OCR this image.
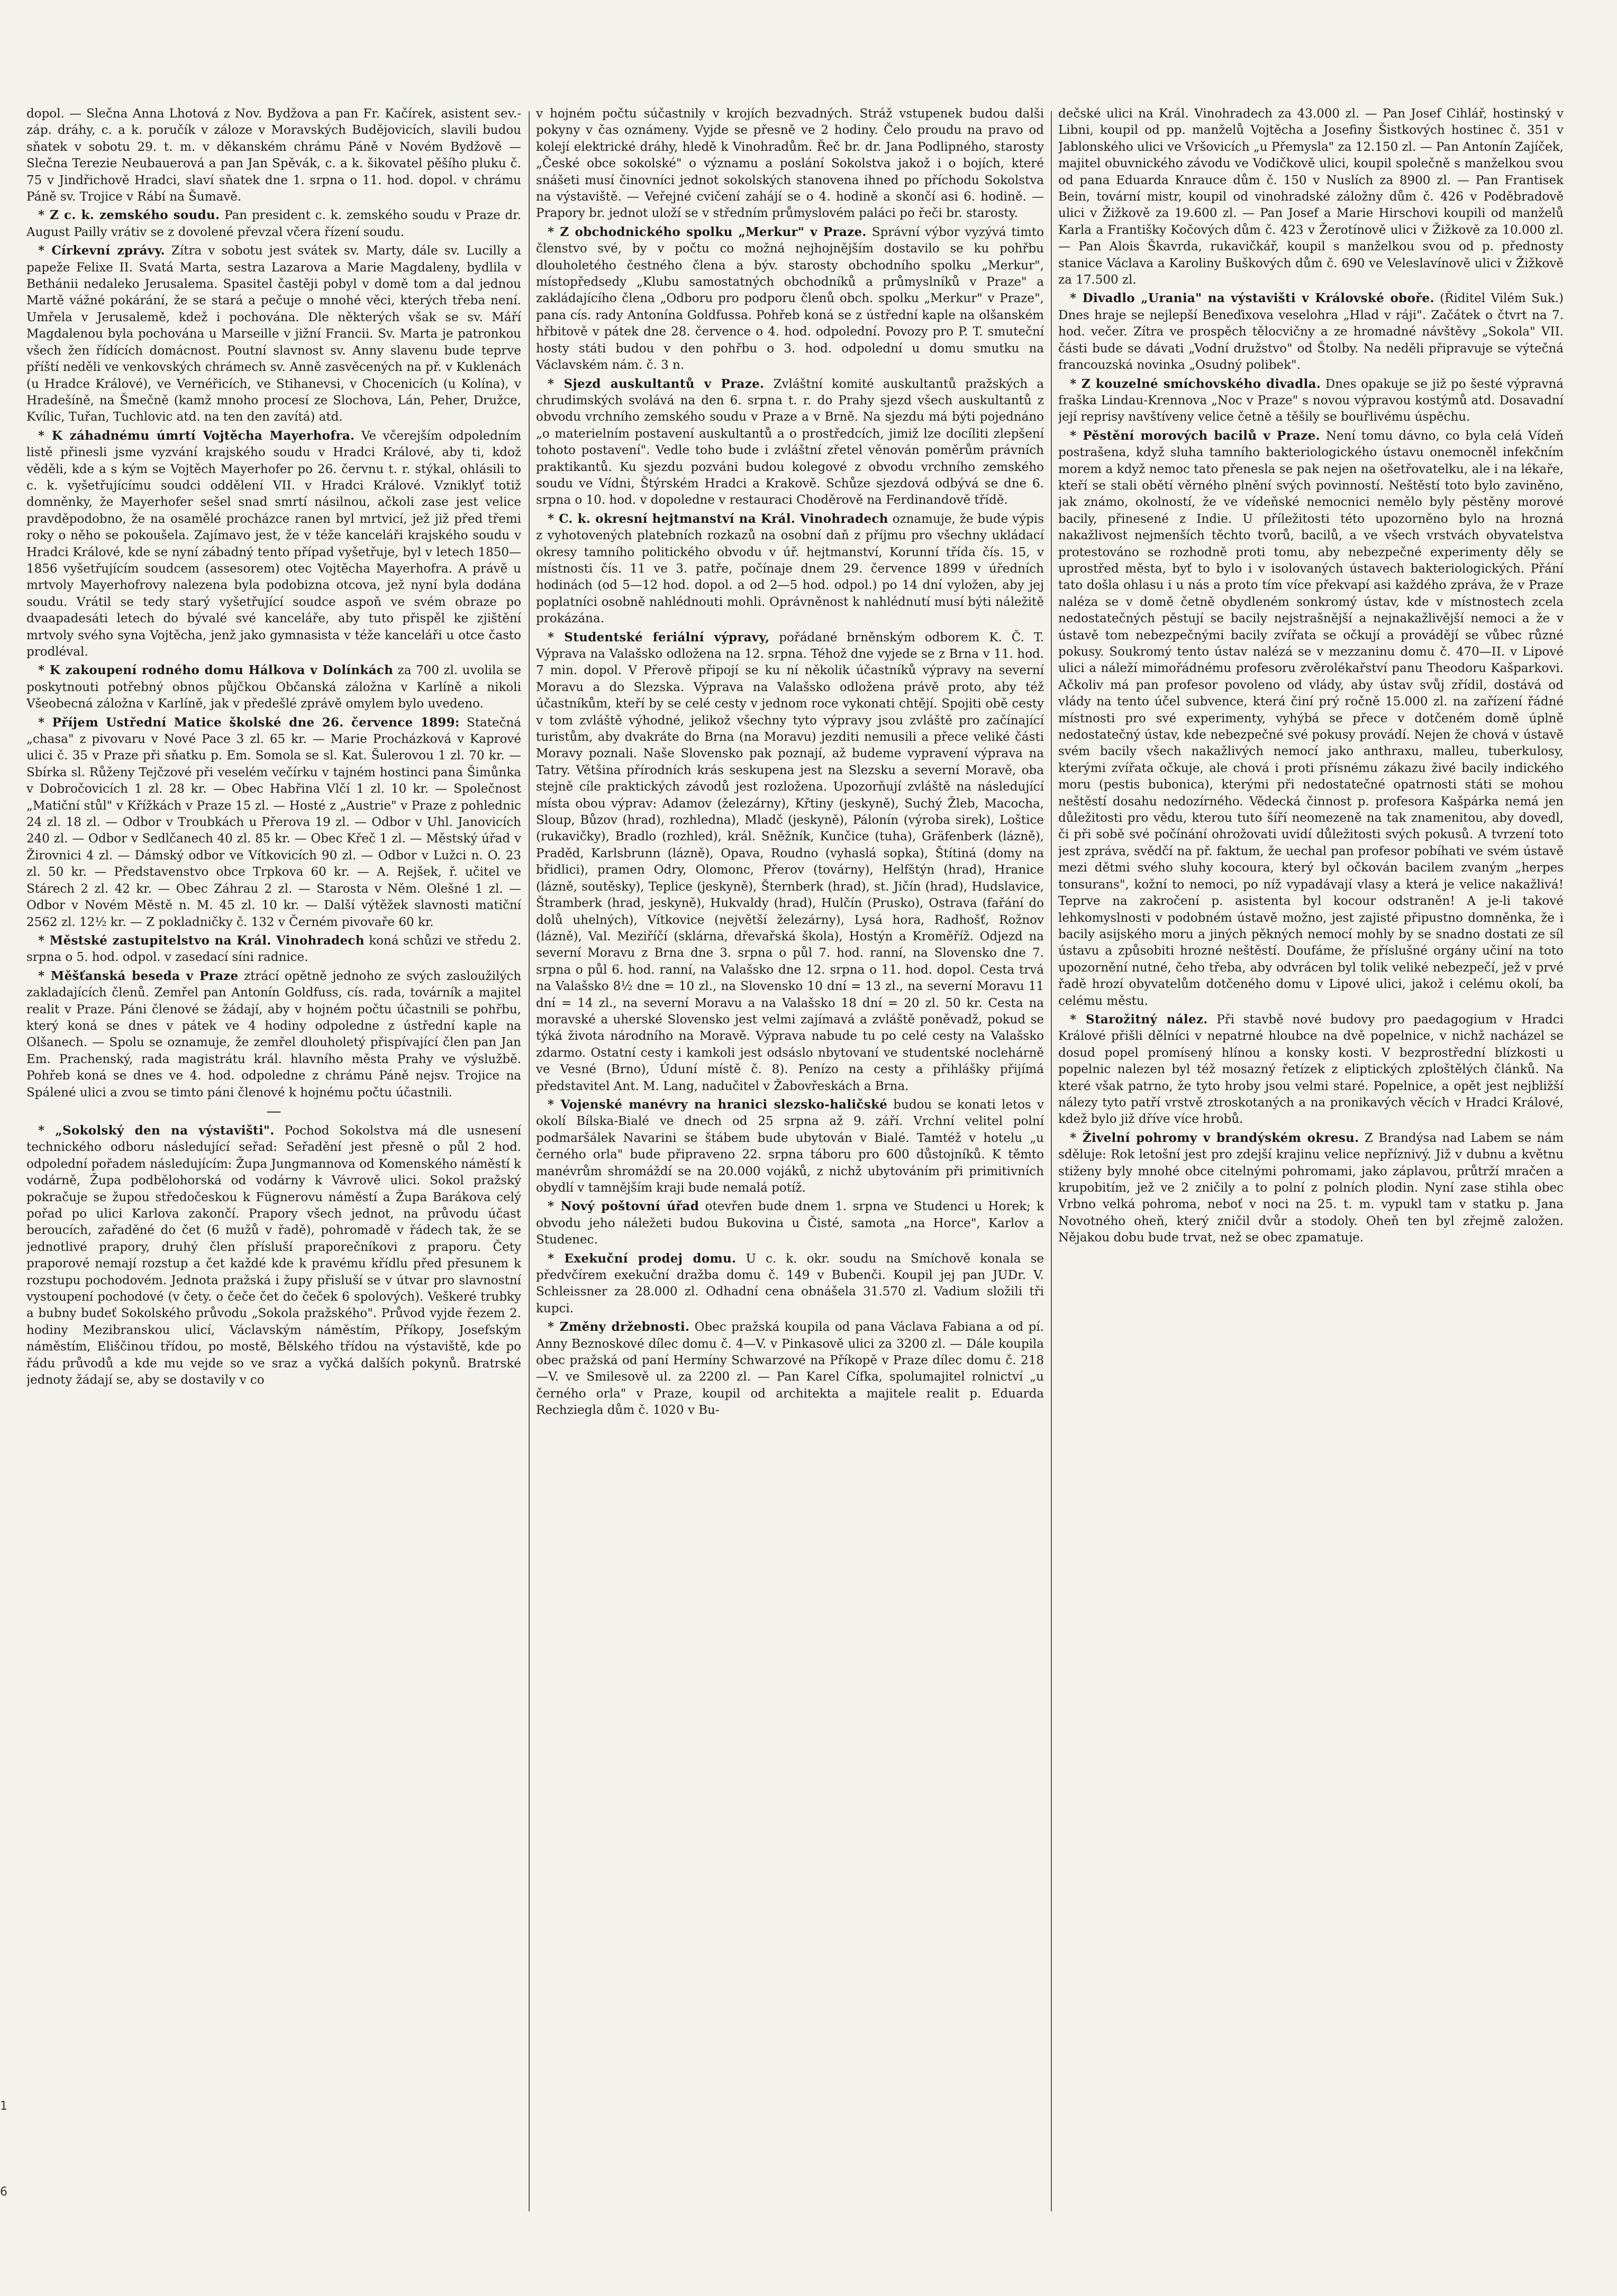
dopol. — Slečna Anna Lhotová z Nov. Bydžova a pan Fr. Kačírek, asistent sev.-záp. dráhy, c. a k. poručík v záloze v Moravských Budějovicích, slavili budou sňatek v sobotu 29. t. m. v děkanském chrámu Páně v Novém Bydžově — Slečna Terezie Neubauerová a pan Jan Spěvák, c. a k. šikovatel pěšího pluku č. 75 v Jindřichově Hradci, slaví sňatek dne 1. srpna o 11. hod. dopol. v chrámu Páně sv. Trojice v Rábí na Šumavě.

* Z c. k. zemského soudu. Pan president c. k. zemského soudu v Praze dr. August Pailly vrátiv se z dovolené převzal včera řízení soudu.

* Církevní zprávy. Zítra v sobotu jest svátek sv. Marty, dále sv. Lucilly a papeže Felixe II. Svatá Marta, sestra Lazarova a Marie Magdaleny, bydlila v Bethánii nedaleko Jerusalema. Spasitel častěji pobyl v domě tom a dal jednou Martě vážné pokárání, že se stará a pečuje o mnohé věci, kterých třeba není. Umřela v Jerusalemě, kdež i pochována. Dle některých však se sv. Máří Magdalenou byla pochována u Marseille v jižní Francii. Sv. Marta je patronkou všech žen řídících domácnost. Poutní slavnost sv. Anny slavenu bude teprve příští neděli ve venkovských chrámech sv. Anně zasvěcených na př. v Kuklenách (u Hradce Králové), ve Vernéřicích, ve Stihanevsi, v Chocenicích (u Kolína), v Hradešíně, na Šmečně (kamž mnoho procesí ze Slochova, Lán, Peher, Družce, Kvílic, Tuřan, Tuchlovic atd. na ten den zavítá) atd.

* K záhadnému úmrtí Vojtěcha Mayerhofra. Ve včerejším odpoledním listě přinesli jsme vyzvání krajského soudu v Hradci Králové, aby ti, kdož věděli, kde a s kým se Vojtěch Mayerhofer po 26. červnu t. r. stýkal, ohlásili to c. k. vyšetřujícímu soudci oddělení VII. v Hradci Králové. Vzniklyť totiž domněnky, že Mayerhofer sešel snad smrtí násilnou, ačkoli zase jest velice pravděpodobno, že na osamělé procházce ranen byl mrtvicí, jež již před třemi roky o něho se pokoušela. Zajímavo jest, že v téže kanceláři krajského soudu v Hradci Králové, kde se nyní zábadný tento případ vyšetřuje, byl v letech 1850—1856 vyšetřujícím soudcem (assesorem) otec Vojtěcha Mayerhofra. A právě u mrtvoly Mayerhofrovy nalezena byla podobizna otcova, jež nyní byla dodána soudu. Vrátil se tedy starý vyšetřující soudce aspoň ve svém obraze po dvaapadesáti letech do bývalé své kanceláře, aby tuto přispěl ke zjištění mrtvoly svého syna Vojtěcha, jenž jako gymnasista v téže kanceláři u otce často prodléval.

* K zakoupení rodného domu Hálkova v Dolínkách za 700 zl. uvolila se poskytnouti potřebný obnos půjčkou Občanská záložna v Karlíně a nikoli Všeobecná záložna v Karlíně, jak v předešlé zprávě omylem bylo uvedeno.

* Příjem Ustřední Matice školské dne 26. července 1899: Statečná „chasa" z pivovaru v Nové Pace 3 zl. 65 kr. — Marie Procházková v Kaprové ulici č. 35 v Praze při sňatku p. Em. Somola se sl. Kat. Šulerovou 1 zl. 70 kr. — Sbírka sl. Růženy Tejčzové při veselém večírku v tajném hostinci pana Šimůnka v Dobročovicích 1 zl. 28 kr. — Obec Habřina Vlčí 1 zl. 10 kr. — Společnost „Matiční stůl" v Křížkách v Praze 15 zl. — Hosté z „Austrie" v Praze z pohlednic 24 zl. 18 zl. — Odbor v Troubkách u Přerova 19 zl. — Odbor v Uhl. Janovicích 240 zl. — Odbor v Sedlčanech 40 zl. 85 kr. — Obec Křeč 1 zl. — Městský úřad v Žirovnici 4 zl. — Dámský odbor ve Vítkovicích 90 zl. — Odbor v Lužci n. O. 23 zl. 50 kr. — Představenstvo obce Trpkova 60 kr. — A. Rejšek, ř. učitel ve Stárech 2 zl. 42 kr. — Obec Záhrau 2 zl. — Starosta v Něm. Olešné 1 zl. — Odbor v Novém Městě n. M. 45 zl. 10 kr. — Další výtěžek slavnosti matiční 2562 zl. 12½ kr. — Z pokladničky č. 132 v Černém pivovaře 60 kr.

* Městské zastupitelstvo na Král. Vinohradech koná schůzi ve středu 2. srpna o 5. hod. odpol. v zasedací síni radnice.

* Měšťanská beseda v Praze ztrácí opětně jednoho ze svých zasloužilých zakladajících členů. Zemřel pan Antonín Goldfuss, cís. rada, továrník a majitel realit v Praze. Páni členové se žádají, aby v hojném počtu účastnili se pohřbu, který koná se dnes v pátek ve 4 hodiny odpoledne z ústřední kaple na Olšanech. — Spolu se oznamuje, že zemřel dlouholetý přispívající člen pan Jan Em. Prachenský, rada magistrátu král. hlavního města Prahy ve výslužbě. Pohřeb koná se dnes ve 4. hod. odpoledne z chrámu Páně nejsv. Trojice na Spálené ulici a zvou se timto páni členové k hojnému počtu účastnili.

—

* „Sokolský den na výstavišti". Pochod Sokolstva má dle usnesení technického odboru následující seřad: Seřadění jest přesně o půl 2 hod. odpolední pořadem následujícím: Župa Jungmannova od Komenského náměstí k vodárně, Župa podbělohorská od vodárny k Vávrově ulici. Sokol pražský pokračuje se župou středočeskou k Fügnerovu náměstí a Župa Barákova celý pořad po ulici Karlova zakončí. Prapory všech jednot, na průvodu účast beroucích, zařaděné do čet (6 mužů v řadě), pohromadě v řádech tak, že se jednotlivé prapory, druhý člen přísluší praporečníkovi z praporu. Čety praporové nemají rozstup a čet každé kde k pravému křídlu před přesunem k rozstupu pochodovém. Jednota pražská i župy přisluší se v útvar pro slavnostní vystoupení pochodové (v čety. o čeče čet do čeček 6 spolových). Veškeré trubky a bubny budeť Sokolského průvodu „Sokola pražského". Průvod vyjde řezem 2. hodiny Mezibranskou ulicí, Václavským náměstím, Příkopy, Josefským náměstím, Eliščinou třídou, po mostě, Bělského třídou na výstaviště, kde po řádu průvodů a kde mu vejde so ve sraz a vyčká dalších pokynů. Bratrské jednoty žádají se, aby se dostavily v co

v hojném počtu súčastnily v krojích bezvadných. Stráž vstupenek budou dalši pokyny v čas oznámeny. Vyjde se přesně ve 2 hodiny. Čelo proudu na pravo od kolejí elektrické dráhy, hledě k Vinohradům. Řeč br. dr. Jana Podlipného, starosty „České obce sokolské" o významu a poslání Sokolstva jakož i o bojích, které snášeti musí činovníci jednot sokolských stanovena ihned po příchodu Sokolstva na výstaviště. — Veřejné cvičení zahájí se o 4. hodině a skončí asi 6. hodině. — Prapory br. jednot uloží se v středním průmyslovém paláci po řeči br. starosty.

* Z obchodnického spolku „Merkur" v Praze. Správní výbor vyzývá timto členstvo své, by v počtu co možná nejhojnějším dostavilo se ku pohřbu dlouholetého čestného člena a býv. starosty obchodního spolku „Merkur", místopředsedy „Klubu samostatných obchodníků a průmyslníků v Praze" a zakládajícího člena „Odboru pro podporu členů obch. spolku „Merkur" v Praze", pana cís. rady Antonína Goldfussa. Pohřeb koná se z ústřední kaple na olšanském hřbitově v pátek dne 28. července o 4. hod. odpolední. Povozy pro P. T. smuteční hosty státi budou v den pohřbu o 3. hod. odpolední u domu smutku na Václavském nám. č. 3 n.

* Sjezd auskultantů v Praze. Zvláštní komité auskultantů pražských a chrudimských svolává na den 6. srpna t. r. do Prahy sjezd všech auskultantů z obvodu vrchního zemského soudu v Praze a v Brně. Na sjezdu má býti pojednáno „o materielním postavení auskultantů a o prostředcích, jimiž lze docíliti zlepšení tohoto postavení". Vedle toho bude i zvláštní zřetel věnován poměrům právních praktikantů. Ku sjezdu pozváni budou kolegové z obvodu vrchního zemského soudu ve Vídni, Štýrském Hradci a Krakově. Schůze sjezdová odbývá se dne 6. srpna o 10. hod. v dopoledne v restauraci Choděrově na Ferdinandově třídě.

* C. k. okresní hejtmanství na Král. Vinohradech oznamuje, že bude výpis z vyhotovených platebních rozkazů na osobní daň z příjmu pro všechny ukládací okresy tamního politického obvodu v úř. hejtmanství, Korunní třída čís. 15, v místnosti čís. 11 ve 3. patře, počínaje dnem 29. července 1899 v úředních hodinách (od 5—12 hod. dopol. a od 2—5 hod. odpol.) po 14 dní vyložen, aby jej poplatníci osobně nahlédnouti mohli. Oprávněnost k nahlédnutí musí býti náležitě prokázána.

* Studentské feriální výpravy, pořádané brněnským odborem K. Č. T. Výprava na Valašsko odložena na 12. srpna. Téhož dne vyjede se z Brna v 11. hod. 7 min. dopol. V Přerově připojí se ku ní několik účastníků výpravy na severní Moravu a do Slezska. Výprava na Valašsko odložena právě proto, aby též účastníkům, kteří by se celé cesty v jednom roce vykonati chtějí. Spojiti obě cesty v tom zvláště výhodné, jelikož všechny tyto výpravy jsou zvláště pro začínající turistům, aby dvakráte do Brna (na Moravu) jezditi nemusili a přece veliké části Moravy poznali. Naše Slovensko pak poznají, až budeme vypravení výprava na Tatry. Většina přírodních krás seskupena jest na Slezsku a severní Moravě, oba stejně cíle praktických závodů jest rozložena. Upozorňují zvláště na následující místa obou výprav: Adamov (železárny), Křtiny (jeskyně), Suchý Žleb, Macocha, Sloup, Bůzov (hrad), rozhledna), Mladč (jeskyně), Pálonín (výroba sirek), Loštice (rukavičky), Bradlo (rozhled), král. Sněžník, Kunčice (tuha), Gräfenberk (lázně), Praděd, Karlsbrunn (lázně), Opava, Roudno (vyhaslá sopka), Štítiná (domy na břidlici), pramen Odry, Olomonc, Přerov (továrny), Helfštýn (hrad), Hranice (lázně, soutěsky), Teplice (jeskyně), Šternberk (hrad), st. Jičín (hrad), Hudslavice, Štramberk (hrad, jeskyně), Hukvaldy (hrad), Hulčín (Prusko), Ostrava (fařání do dolů uhelných), Vítkovice (největší železárny), Lysá hora, Radhošť, Rožnov (lázně), Val. Meziříčí (sklárna, dřevařská škola), Hostýn a Kroměříž. Odjezd na severní Moravu z Brna dne 3. srpna o půl 7. hod. ranní, na Slovensko dne 7. srpna o půl 6. hod. ranní, na Valašsko dne 12. srpna o 11. hod. dopol. Cesta trvá na Valašsko 8½ dne = 10 zl., na Slovensko 10 dní = 13 zl., na severní Moravu 11 dní = 14 zl., na severní Moravu a na Valašsko 18 dní = 20 zl. 50 kr. Cesta na moravské a uherské Slovensko jest velmi zajímavá a zvláště poněvadž, pokud se týká života národního na Moravě. Výprava nabude tu po celé cesty na Valašsko zdarmo. Ostatní cesty i kamkoli jest odsáslo nbytovaní ve studentské noclehárně ve Vesné (Brno), Úduní místě č. 8). Penízo na cesty a přihlášky přijímá představitel Ant. M. Lang, nadučitel v Žabovřeskách a Brna.

* Vojenské manévry na hranici slezsko-haličské budou se konati letos v okolí Bílska-Bialé ve dnech od 25 srpna až 9. září. Vrchní velitel polní podmaršálek Navarini se štábem bude ubytován v Bialé. Tamtéž v hotelu „u černého orla" bude připraveno 22. srpna táboru pro 600 důstojníků. K těmto manévrům shromáždí se na 20.000 vojáků, z nichž ubytováním při primitivních obydlí v tamnějším kraji bude nemalá potíž.

* Nový poštovní úřad otevřen bude dnem 1. srpna ve Studenci u Horek; k obvodu jeho náležeti budou Bukovina u Čisté, samota „na Horce", Karlov a Studenec.

* Exekuční prodej domu. U c. k. okr. soudu na Smíchově konala se předvčírem exekuční dražba domu č. 149 v Bubenči. Koupil jej pan JUDr. V. Schleissner za 28.000 zl. Odhadní cena obnášela 31.570 zl. Vadium složili tři kupci.

* Změny držebnosti. Obec pražská koupila od pana Václava Fabiana a od pí. Anny Beznoskové dílec domu č. 4—V. v Pinkasově ulici za 3200 zl. — Dále koupila obec pražská od paní Hermíny Schwarzové na Příkopě v Praze dílec domu č. 218—V. ve Smilesově ul. za 2200 zl. — Pan Karel Cífka, spolumajitel rolnictví „u černého orla" v Praze, koupil od architekta a majitele realit p. Eduarda Rechziegla dům č. 1020 v Bu-

dečské ulici na Král. Vinohradech za 43.000 zl. — Pan Josef Cihlář, hostinský v Libni, koupil od pp. manželů Vojtěcha a Josefiny Šistkových hostinec č. 351 v Jablonského ulici ve Vršovicích „u Přemysla" za 12.150 zl. — Pan Antonín Zajíček, majitel obuvnického závodu ve Vodičkově ulici, koupil společně s manželkou svou od pana Eduarda Knrauce dům č. 150 v Nuslích za 8900 zl. — Pan Frantisek Bein, tovární mistr, koupil od vinohradské záložny dům č. 426 v Poděbradově ulici v Žižkově za 19.600 zl. — Pan Josef a Marie Hirschovi koupili od manželů Karla a Františky Kočových dům č. 423 v Žerotínově ulici v Žižkově za 10.000 zl. — Pan Alois Škavrda, rukavičkář, koupil s manželkou svou od p. přednosty stanice Václava a Karoliny Buškových dům č. 690 ve Veleslavínově ulici v Žižkově za 17.500 zl.

* Divadlo „Urania" na výstavišti v Královské oboře. (Řiditel Vilém Suk.) Dnes hraje se nejlepší Beneďixova veselohra „Hlad v ráji". Začátek o čtvrt na 7. hod. večer. Zítra ve prospěch tělocvičny a ze hromadné návštěvy „Sokola" VII. části bude se dávati „Vodní družstvo" od Štolby. Na neděli připravuje se výtečná francouzská novinka „Osudný polibek".

* Z kouzelné smíchovského divadla. Dnes opakuje se již po šesté výpravná fraška Lindau-Krennova „Noc v Praze" s novou výpravou kostýmů atd. Dosavadní její reprisy navštíveny velice četně a těšily se bouřlivému úspěchu.

* Pěstění morových bacilů v Praze. Není tomu dávno, co byla celá Vídeň postrašena, když sluha tamního bakteriologického ústavu onemocněl infekčním morem a když nemoc tato přenesla se pak nejen na ošetřovatelku, ale i na lékaře, kteří se stali obětí věrného plnění svých povinností. Neštěstí toto bylo zaviněno, jak známo, okolností, že ve vídeňské nemocnici nemělo byly pěstěny morové bacily, přinesené z Indie. U příležitosti této upozorněno bylo na hrozná nakažlivost nejmenších těchto tvorů, bacilů, a ve všech vrstvách obyvatelstva protestováno se rozhodně proti tomu, aby nebezpečné experimenty děly se uprostřed města, byť to bylo i v isolovaných ústavech bakteriologických. Přání tato došla ohlasu i u nás a proto tím více překvapí asi každého zpráva, že v Praze naléza se v domě četně obydleném sonkromý ústav, kde v místnostech zcela nedostatečných pěstují se bacily nejstrašnější a nejnakažlivější nemoci a že v ústavě tom nebezpečnými bacily zvířata se očkují a provádějí se vůbec různé pokusy. Soukromý tento ústav nalézá se v mezzaninu domu č. 470—II. v Lipové ulici a náleží mimořádnému profesoru zvěrolékařství panu Theodoru Kašparkovi. Ačkoliv má pan profesor povoleno od vlády, aby ústav svůj zřídil, dostává od vlády na tento účel subvence, která činí prý ročně 15.000 zl. na zařízení řádné místnosti pro své experimenty, vyhýbá se přece v dotčeném domě úplně nedostatečný ústav, kde nebezpečné své pokusy provádí. Nejen že chová v ústavě svém bacily všech nakažlivých nemocí jako anthraxu, malleu, tuberkulosy, kterými zvířata očkuje, ale chová i proti přísnému zákazu živé bacily indického moru (pestis bubonica), kterými při nedostatečné opatrnosti státi se mohou neštěstí dosahu nedozírného. Vědecká činnost p. profesora Kašpárka nemá jen důležitosti pro vědu, kterou tuto šíří neomezeně na tak znamenitou, aby dovedl, či při sobě své počínání ohrožovati uvidí důležitosti svých pokusů. A tvrzení toto jest zpráva, svědčí na př. faktum, že uechal pan profesor pobíhati ve svém ústavě mezi dětmi svého sluhy kocoura, který byl očkován bacilem zvaným „herpes tonsurans", kožní to nemoci, po níž vypadávají vlasy a která je velice nakažlivá! Teprve na zakročení p. asistenta byl kocour odstraněn! A je-li takové lehkomyslnosti v podobném ústavě možno, jest zajisté připustno domněnka, že i bacily asijského moru a jiných pěkných nemocí mohly by se snadno dostati ze síl ústavu a způsobiti hrozné neštěstí. Doufáme, že příslušné orgány učiní na toto upozornění nutné, čeho třeba, aby odvrácen byl tolik veliké nebezpečí, jež v prvé řadě hrozí obyvatelům dotčeného domu v Lipové ulici, jakož i celému okolí, ba celému městu.

* Starožitný nález. Při stavbě nové budovy pro paedagogium v Hradci Králové přišli dělníci v nepatrné hloubce na dvě popelnice, v nichž nacházel se dosud popel promísený hlínou a konsky kosti. V bezprostřední blízkosti u popelnic nalezen byl též mosazný řetízek z eliptických zploštělých článků. Na které však patrno, že tyto hroby jsou velmi staré. Popelnice, a opět jest nejbližší nálezy tyto patří vrstvě ztroskotaných a na pronikavých věcích v Hradci Králové, kdež bylo již dříve více hrobů.

* Živelní pohromy v brandýském okresu. Z Brandýsa nad Labem se nám sděluje: Rok letošní jest pro zdejší krajinu velice nepříznivý. Již v dubnu a květnu stiženy byly mnohé obce citelnými pohromami, jako záplavou, průtrží mračen a krupobitím, jež ve 2 zničily a to polní z polních plodin. Nyní zase stihla obec Vrbno velká pohroma, neboť v noci na 25. t. m. vypukl tam v statku p. Jana Novotného oheň, který zničil dvůr a stodoly. Oheň ten byl zřejmě založen. Nějakou dobu bude trvat, než se obec zpamatuje.

1
6
